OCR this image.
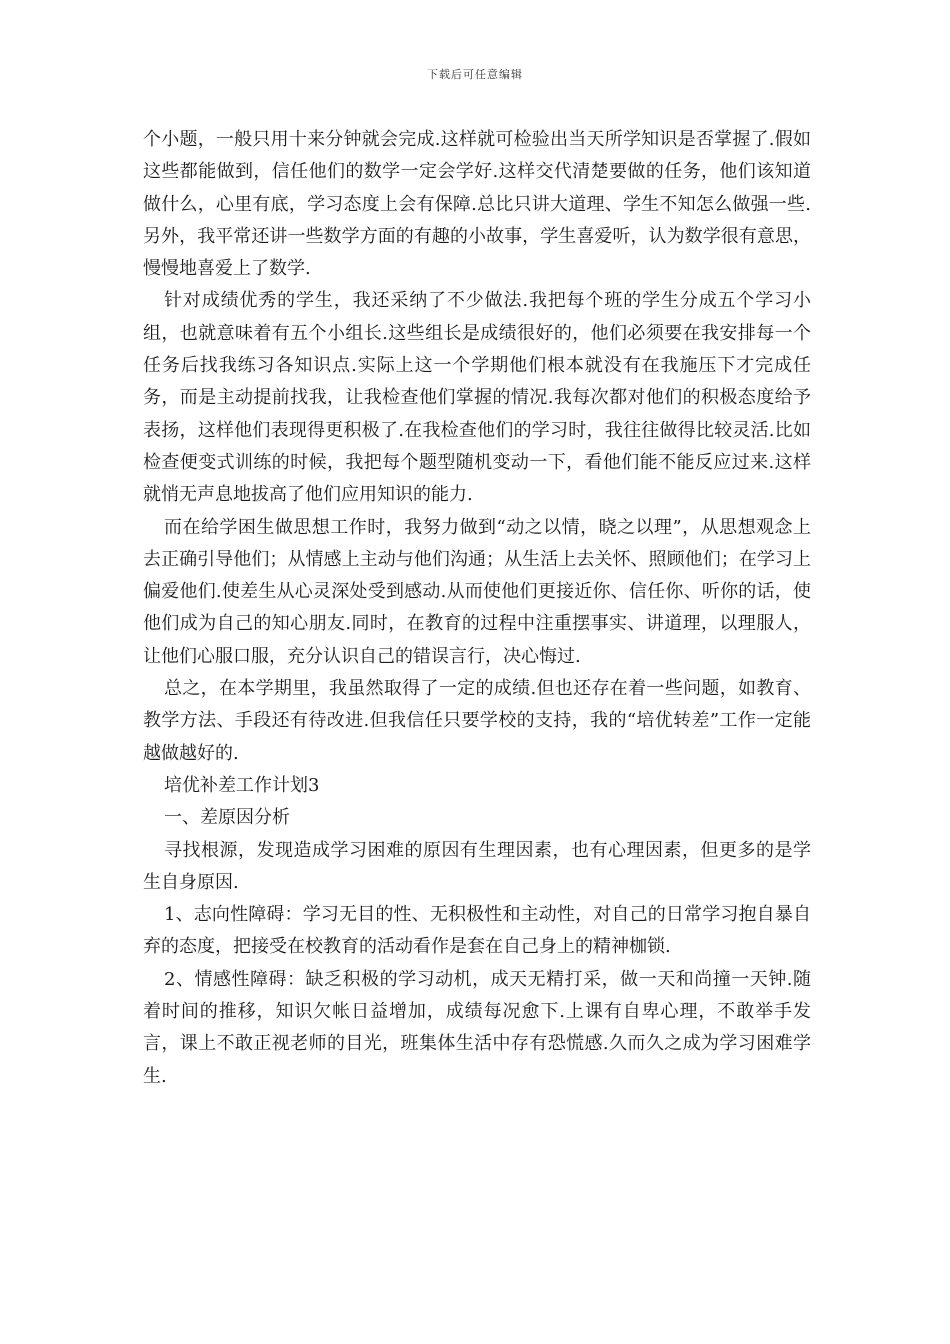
下载后可任意编辑

个小题，一般只用十来分钟就会完成.这样就可检验出当天所学知识是否掌握了.假如这些都能做到，信任他们的数学一定会学好.这样交代清楚要做的任务，他们该知道做什么，心里有底，学习态度上会有保障.总比只讲大道理、学生不知怎么做强一些.另外，我平常还讲一些数学方面的有趣的小故事，学生喜爱听，认为数学很有意思，慢慢地喜爱上了数学.

针对成绩优秀的学生，我还采纳了不少做法.我把每个班的学生分成五个学习小组，也就意味着有五个小组长.这些组长是成绩很好的，他们必须要在我安排每一个任务后找我练习各知识点.实际上这一个学期他们根本就没有在我施压下才完成任务，而是主动提前找我，让我检查他们掌握的情况.我每次都对他们的积极态度给予表扬，这样他们表现得更积极了.在我检查他们的学习时，我往往做得比较灵活.比如检查便变式训练的时候，我把每个题型随机变动一下，看他们能不能反应过来.这样就悄无声息地拔高了他们应用知识的能力.

而在给学困生做思想工作时，我努力做到“动之以情，晓之以理”，从思想观念上去正确引导他们；从情感上主动与他们沟通；从生活上去关怀、照顾他们；在学习上偏爱他们.使差生从心灵深处受到感动.从而使他们更接近你、信任你、听你的话，使他们成为自己的知心朋友.同时，在教育的过程中注重摆事实、讲道理，以理服人，让他们心服口服，充分认识自己的错误言行，决心悔过.

总之，在本学期里，我虽然取得了一定的成绩.但也还存在着一些问题，如教育、教学方法、手段还有待改进.但我信任只要学校的支持，我的“培优转差”工作一定能越做越好的.

培优补差工作计划3

一、差原因分析

寻找根源，发现造成学习困难的原因有生理因素，也有心理因素，但更多的是学生自身原因.

1、志向性障碍：学习无目的性、无积极性和主动性，对自己的日常学习抱自暴自弃的态度，把接受在校教育的活动看作是套在自己身上的精神枷锁.

2、情感性障碍：缺乏积极的学习动机，成天无精打采，做一天和尚撞一天钟.随着时间的推移，知识欠帐日益增加，成绩每况愈下.上课有自卑心理，不敢举手发言，课上不敢正视老师的目光，班集体生活中存有恐慌感.久而久之成为学习困难学生.
